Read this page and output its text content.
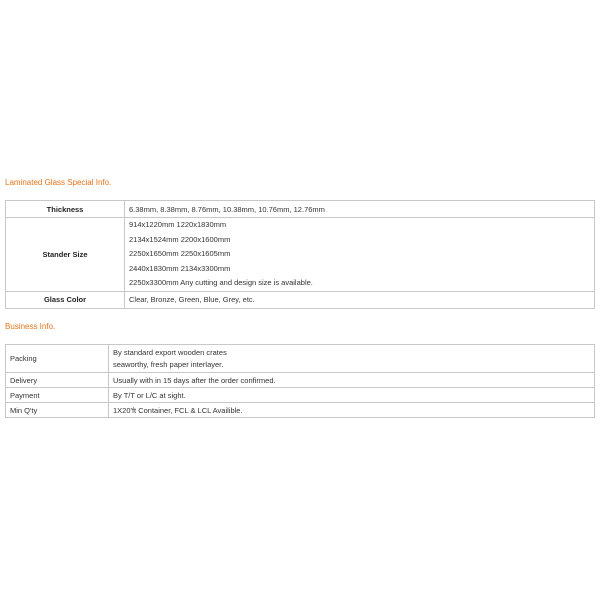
Laminated Glass Special Info.
Thickness	6.38mm, 8.38mm, 8.76mm, 10.38mm, 10.76mm, 12.76mm
Stander Size	914x1220mm 1220x1830mm
2134x1524mm 2200x1600mm
2250x1650mm 2250x1605mm
2440x1830mm 2134x3300mm
2250x3300mm Any cutting and design size is available.

Glass Color	Clear, Bronze, Green, Blue, Grey, etc.
Business Info.
Packing	By standard export wooden crates
seaworthy, fresh paper interlayer.

Delivery	Usually with in 15 days after the order confirmed.
Payment	By T/T or L/C at sight.
Min Q'ty	1X20'ft Container, FCL & LCL Availible.
